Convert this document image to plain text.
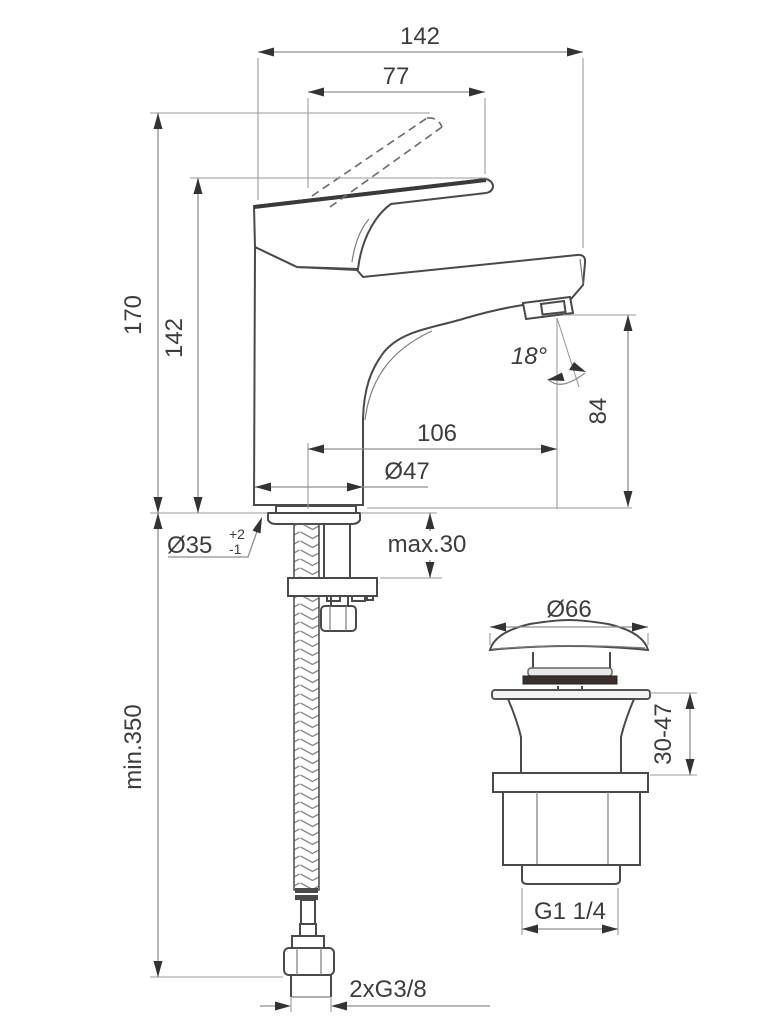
142
77
170
142
106
Ø47
18°
84
Ø35 +2
-1	max.30
min.350
2xG3/8
Ø66
30-47
G1 1/4
